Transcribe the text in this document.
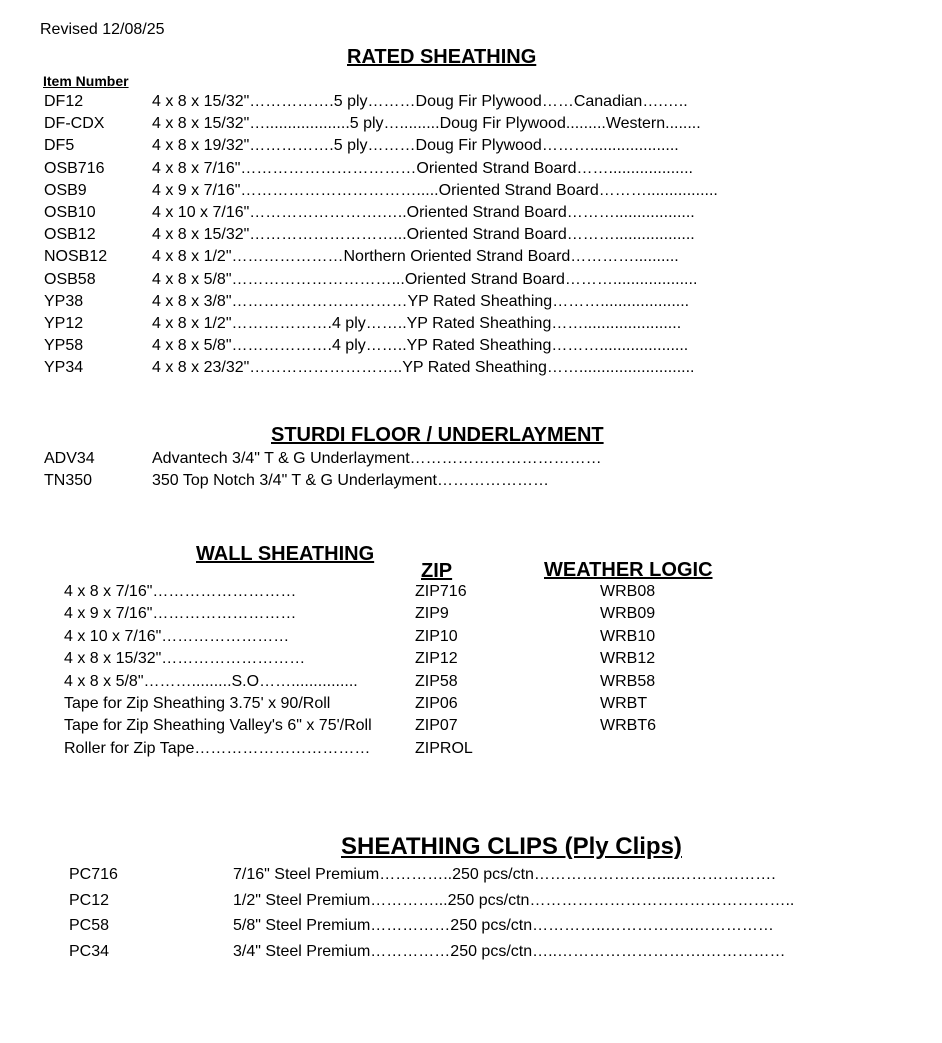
Revised 12/08/25
RATED SHEATHING
Item Number
DF12	4 x 8 x 15/32"…………….5 ply………Doug Fir Plywood……Canadian….…..
DF-CDX	4 x 8 x 15/32"…...................5 ply….........Doug Fir Plywood.........Western........
DF5	4 x 8 x 19/32"…………….5 ply………Doug Fir Plywood………....................
OSB716	4 x 8 x 7/16"……………………………Oriented Strand Board……...................
OSB9	4 x 9 x 7/16"…………………………….....Oriented Strand Board………................
OSB10	4 x 10 x 7/16"…………………….…..Oriented Strand Board………..................
OSB12	4 x 8 x 15/32"………………………...Oriented Strand Board………..................
NOSB12	4 x 8 x 1/2"…………………Northern Oriented Strand Board…………..........
OSB58	4 x 8 x 5/8"…………………………...Oriented Strand Board………...................
YP38	4 x 8 x 3/8"……………………………YP Rated Sheathing………....................
YP12	4 x 8 x 1/2"……………….4 ply……..YP Rated Sheathing……......................
YP58	4 x 8 x 5/8"……………….4 ply……..YP Rated Sheathing………....................
YP34	4 x 8 x 23/32"………………………..YP Rated Sheathing……..........................
STURDI FLOOR / UNDERLAYMENT
ADV34	Advantech 3/4" T & G Underlayment………………………………
TN350	350 Top Notch 3/4" T & G Underlayment…………………
WALL SHEATHING
ZIP	WEATHER LOGIC
4 x 8 x 7/16"………………………	ZIP716	WRB08
4 x 9 x 7/16"………………………	ZIP9	WRB09
4 x 10 x 7/16"……………………	ZIP10	WRB10
4 x 8 x 15/32"………………………	ZIP12	WRB12
4 x 8 x 5/8"……….........S.O……...............	ZIP58	WRB58
Tape for Zip Sheathing 3.75' x 90/Roll	ZIP06	WRBT
Tape for Zip Sheathing Valley's 6" x 75'/Roll	ZIP07	WRBT6
Roller for Zip Tape……………………………	ZIPROL
SHEATHING CLIPS (Ply Clips)
PC716	7/16" Steel Premium…………..250 pcs/ctn……………………...……………….
PC12	1/2" Steel Premium…………...250 pcs/ctn…………………………………………..
PC58	5/8" Steel Premium……………250 pcs/ctn…………..……………..……………
PC34	3/4" Steel Premium……………250 pcs/ctn…..……………………….……………
